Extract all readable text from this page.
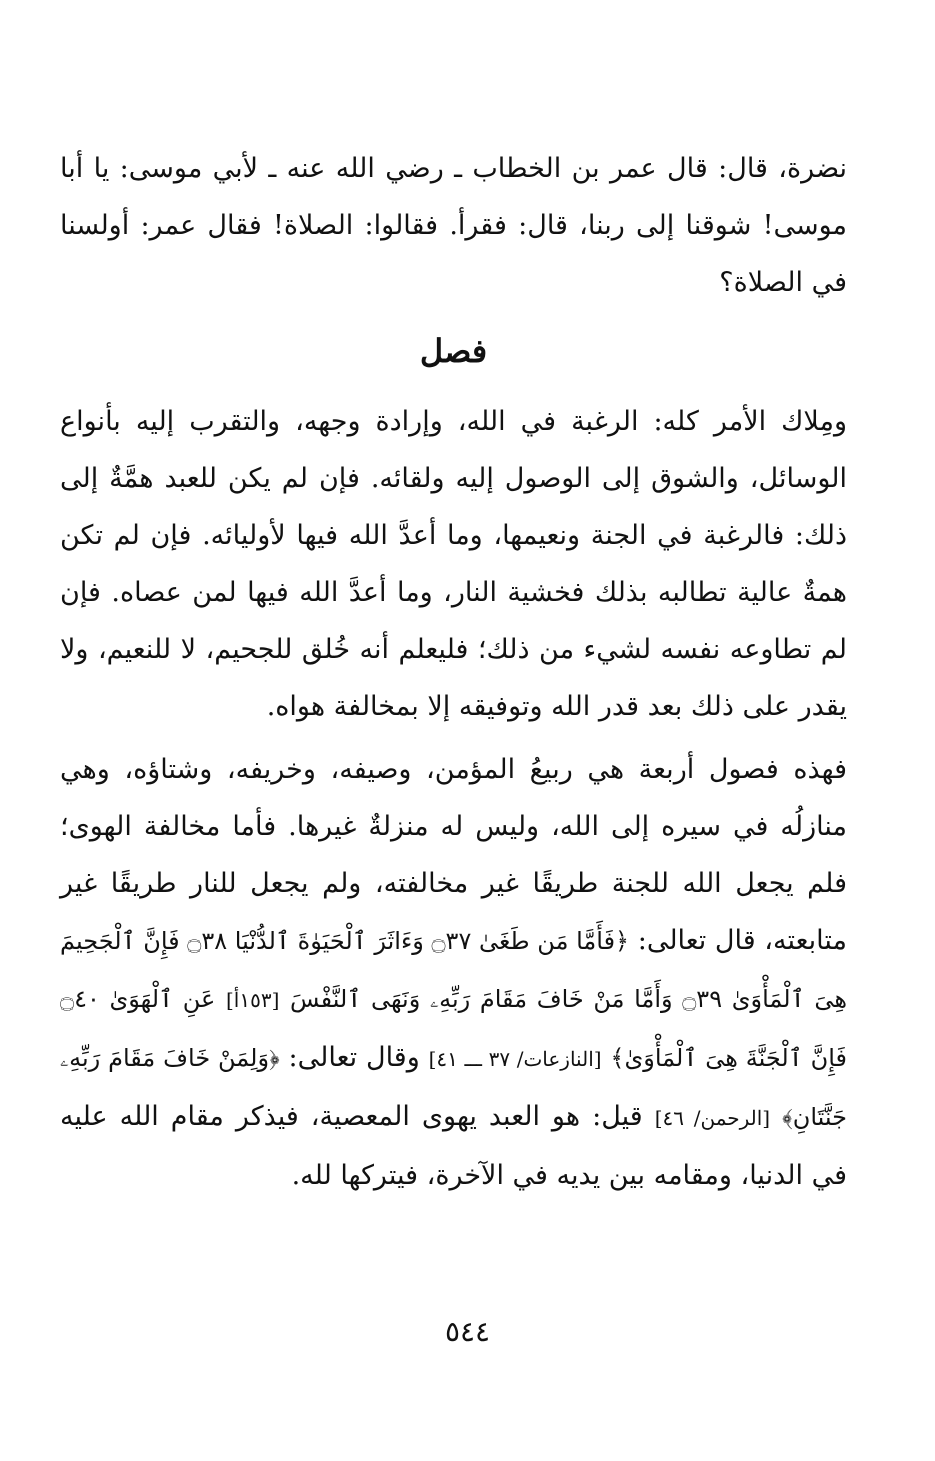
نضرة، قال: قال عمر بن الخطاب ـ رضي الله عنه ـ لأبي موسى: يا أبا موسى! شوقنا إلى ربنا، قال: فقرأ. فقالوا: الصلاة! فقال عمر: أولسنا في الصلاة؟

فصل

ومِلاك الأمر كله: الرغبة في الله، وإرادة وجهه، والتقرب إليه بأنواع الوسائل، والشوق إلى الوصول إليه ولقائه. فإن لم يكن للعبد همَّةٌ إلى ذلك: فالرغبة في الجنة ونعيمها، وما أعدَّ الله فيها لأوليائه. فإن لم تكن همةٌ عالية تطالبه بذلك فخشية النار، وما أعدَّ الله فيها لمن عصاه. فإن لم تطاوعه نفسه لشيء من ذلك؛ فليعلم أنه خُلق للجحيم، لا للنعيم، ولا يقدر على ذلك بعد قدر الله وتوفيقه إلا بمخالفة هواه.

فهذه فصول أربعة هي ربيعُ المؤمن، وصيفه، وخريفه، وشتاؤه، وهي منازلُه في سيره إلى الله، وليس له منزلةٌ غيرها. فأما مخالفة الهوى؛ فلم يجعل الله للجنة طريقًا غير مخالفته، ولم يجعل للنار طريقًا غير متابعته، قال تعالى: ﴿فَأَمَّا مَن طَغَىٰ ۝٣٧ وَءَاثَرَ ٱلْحَيَوٰةَ ٱلدُّنْيَا ۝٣٨ فَإِنَّ ٱلْجَحِيمَ هِىَ ٱلْمَأْوَىٰ ۝٣٩ وَأَمَّا مَنْ خَافَ مَقَامَ رَبِّهِۦ وَنَهَى ٱلنَّفْسَ [١٥٣أ] عَنِ ٱلْهَوَىٰ ۝٤٠ فَإِنَّ ٱلْجَنَّةَ هِىَ ٱلْمَأْوَىٰ﴾ [النازعات/ ٣٧ ـــ ٤١] وقال تعالى: ﴿وَلِمَنْ خَافَ مَقَامَ رَبِّهِۦ جَنَّتَانِ﴾ [الرحمن/ ٤٦] قيل: هو العبد يهوى المعصية، فيذكر مقام الله عليه في الدنيا، ومقامه بين يديه في الآخرة، فيتركها لله.

٥٤٤
